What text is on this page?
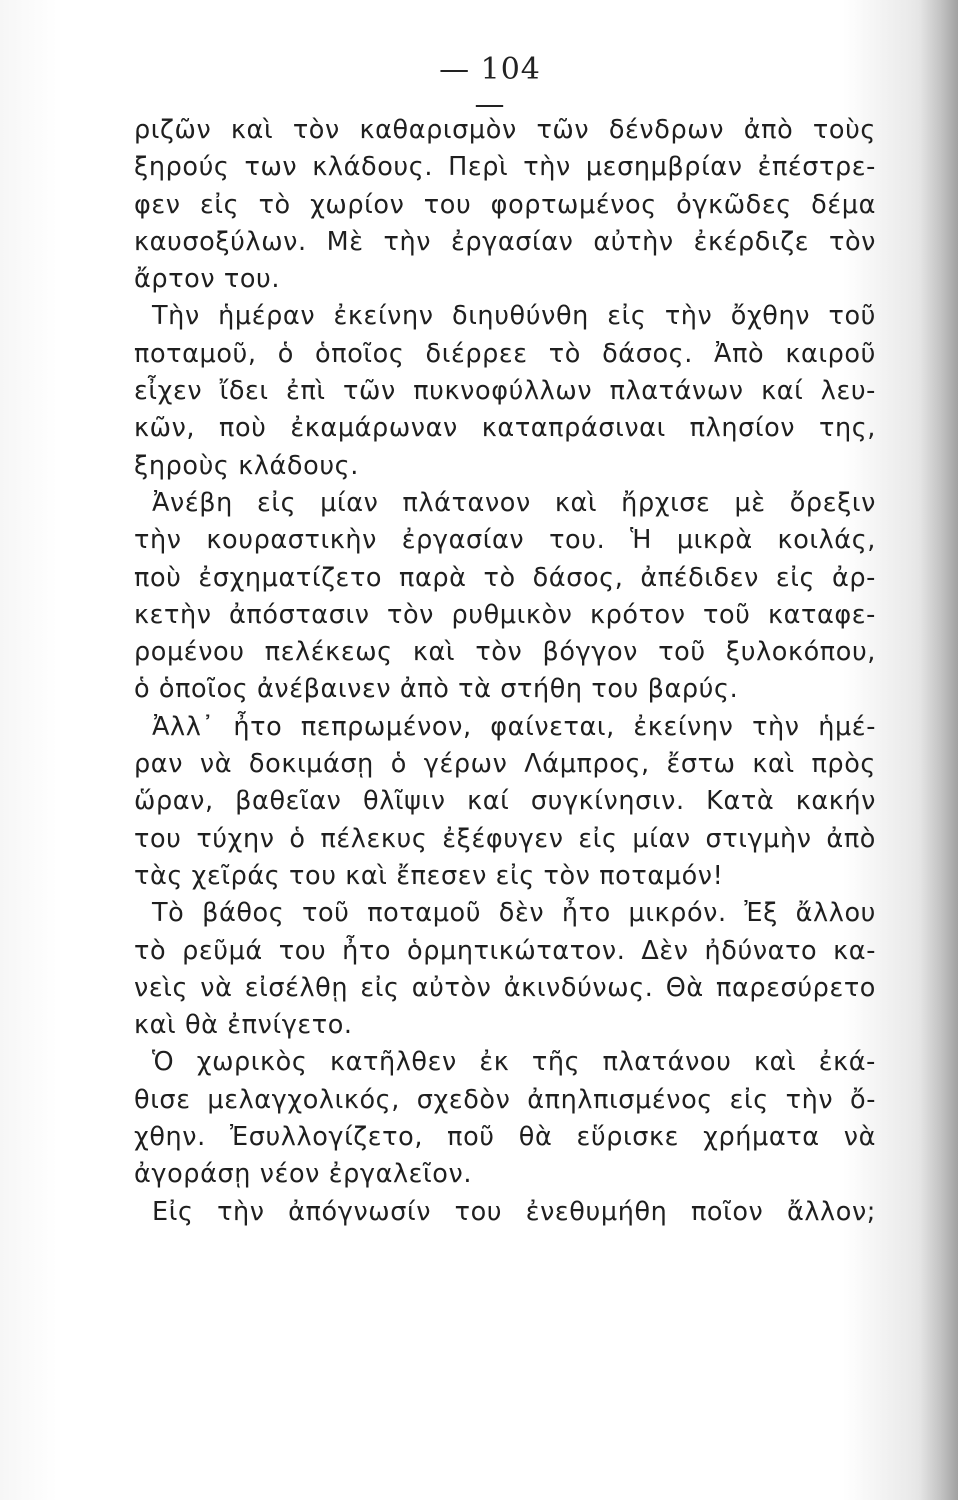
— 104 —
ριζῶν καὶ τὸν καθαρισμὸν τῶν δένδρων ἀπὸ τοὺς
ξηρούς των κλάδους. Περὶ τὴν μεσημβρίαν ἐπέστρε-
φεν εἰς τὸ χωρίον του φορτωμένος ὀγκῶδες δέμα
καυσοξύλων. Μὲ τὴν ἐργασίαν αὐτὴν ἐκέρδιζε τὸν
ἄρτον του.
Τὴν ἡμέραν ἐκείνην διηυθύνθη εἰς τὴν ὄχθην τοῦ
ποταμοῦ, ὁ ὁποῖος διέρρεε τὸ δάσος. Ἀπὸ καιροῦ
εἶχεν ἴδει ἐπὶ τῶν πυκνοφύλλων πλατάνων καί λευ-
κῶν, ποὺ ἐκαμάρωναν καταπράσιναι πλησίον της,
ξηροὺς κλάδους.
Ἀνέβη εἰς μίαν πλάτανον καὶ ἤρχισε μὲ ὄρεξιν
τὴν κουραστικὴν ἐργασίαν του. Ἡ μικρὰ κοιλάς,
ποὺ ἐσχηματίζετο παρὰ τὸ δάσος, ἀπέδιδεν εἰς ἀρ-
κετὴν ἀπόστασιν τὸν ρυθμικὸν κρότον τοῦ καταφε-
ρομένου πελέκεως καὶ τὸν βόγγον τοῦ ξυλοκόπου,
ὁ ὁποῖος ἀνέβαινεν ἀπὸ τὰ στήθη του βαρύς.
Ἀλλ᾽ ἦτο πεπρωμένον, φαίνεται, ἐκείνην τὴν ἡμέ-
ραν νὰ δοκιμάσῃ ὁ γέρων Λάμπρος, ἔστω καὶ πρὸς
ὥραν, βαθεῖαν θλῖψιν καί συγκίνησιν. Κατὰ κακήν
του τύχην ὁ πέλεκυς ἐξέφυγεν εἰς μίαν στιγμὴν ἀπὸ
τὰς χεῖράς του καὶ ἔπεσεν εἰς τὸν ποταμόν!
Τὸ βάθος τοῦ ποταμοῦ δὲν ἦτο μικρόν. Ἐξ ἄλλου
τὸ ρεῦμά του ἦτο ὁρμητικώτατον. Δὲν ἠδύνατο κα-
νεὶς νὰ εἰσέλθῃ εἰς αὐτὸν ἀκινδύνως. Θὰ παρεσύρετο
καὶ θὰ ἐπνίγετο.
Ὁ χωρικὸς κατῆλθεν ἐκ τῆς πλατάνου καὶ ἐκά-
θισε μελαγχολικός, σχεδὸν ἀπηλπισμένος εἰς τὴν ὄ-
χθην. Ἐσυλλογίζετο, ποῦ θὰ εὕρισκε χρήματα νὰ
ἀγοράσῃ νέον ἐργαλεῖον.
Εἰς τὴν ἀπόγνωσίν του ἐνεθυμήθη ποῖον ἄλλον;
